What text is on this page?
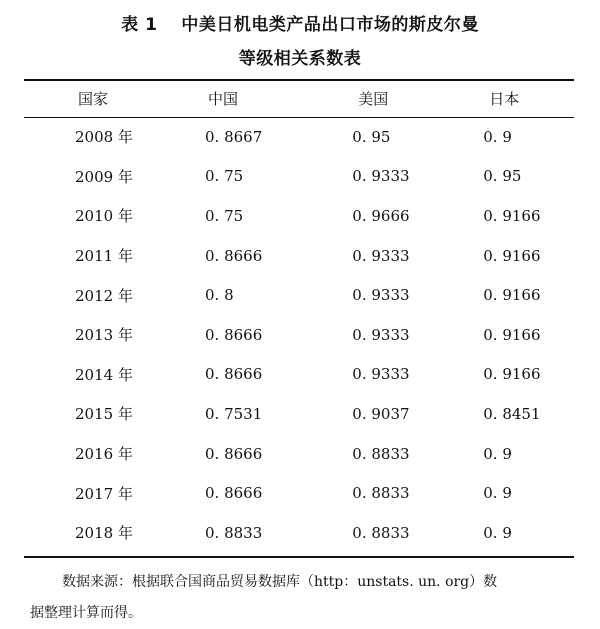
表 1　 中美日机电类产品出口市场的斯皮尔曼
等级相关系数表
国家	中国	美国	日本
2008 年	0. 8667	0. 95	0. 9
2009 年	0. 75	0. 9333	0. 95
2010 年	0. 75	0. 9666	0. 9166
2011 年	0. 8666	0. 9333	0. 9166
2012 年	0. 8	0. 9333	0. 9166
2013 年	0. 8666	0. 9333	0. 9166
2014 年	0. 8666	0. 9333	0. 9166
2015 年	0. 7531	0. 9037	0. 8451
2016 年	0. 8666	0. 8833	0. 9
2017 年	0. 8666	0. 8833	0. 9
2018 年	0. 8833	0. 8833	0. 9
数据来源：根据联合国商品贸易数据库（http：unstats. un. org）数
据整理计算而得。
